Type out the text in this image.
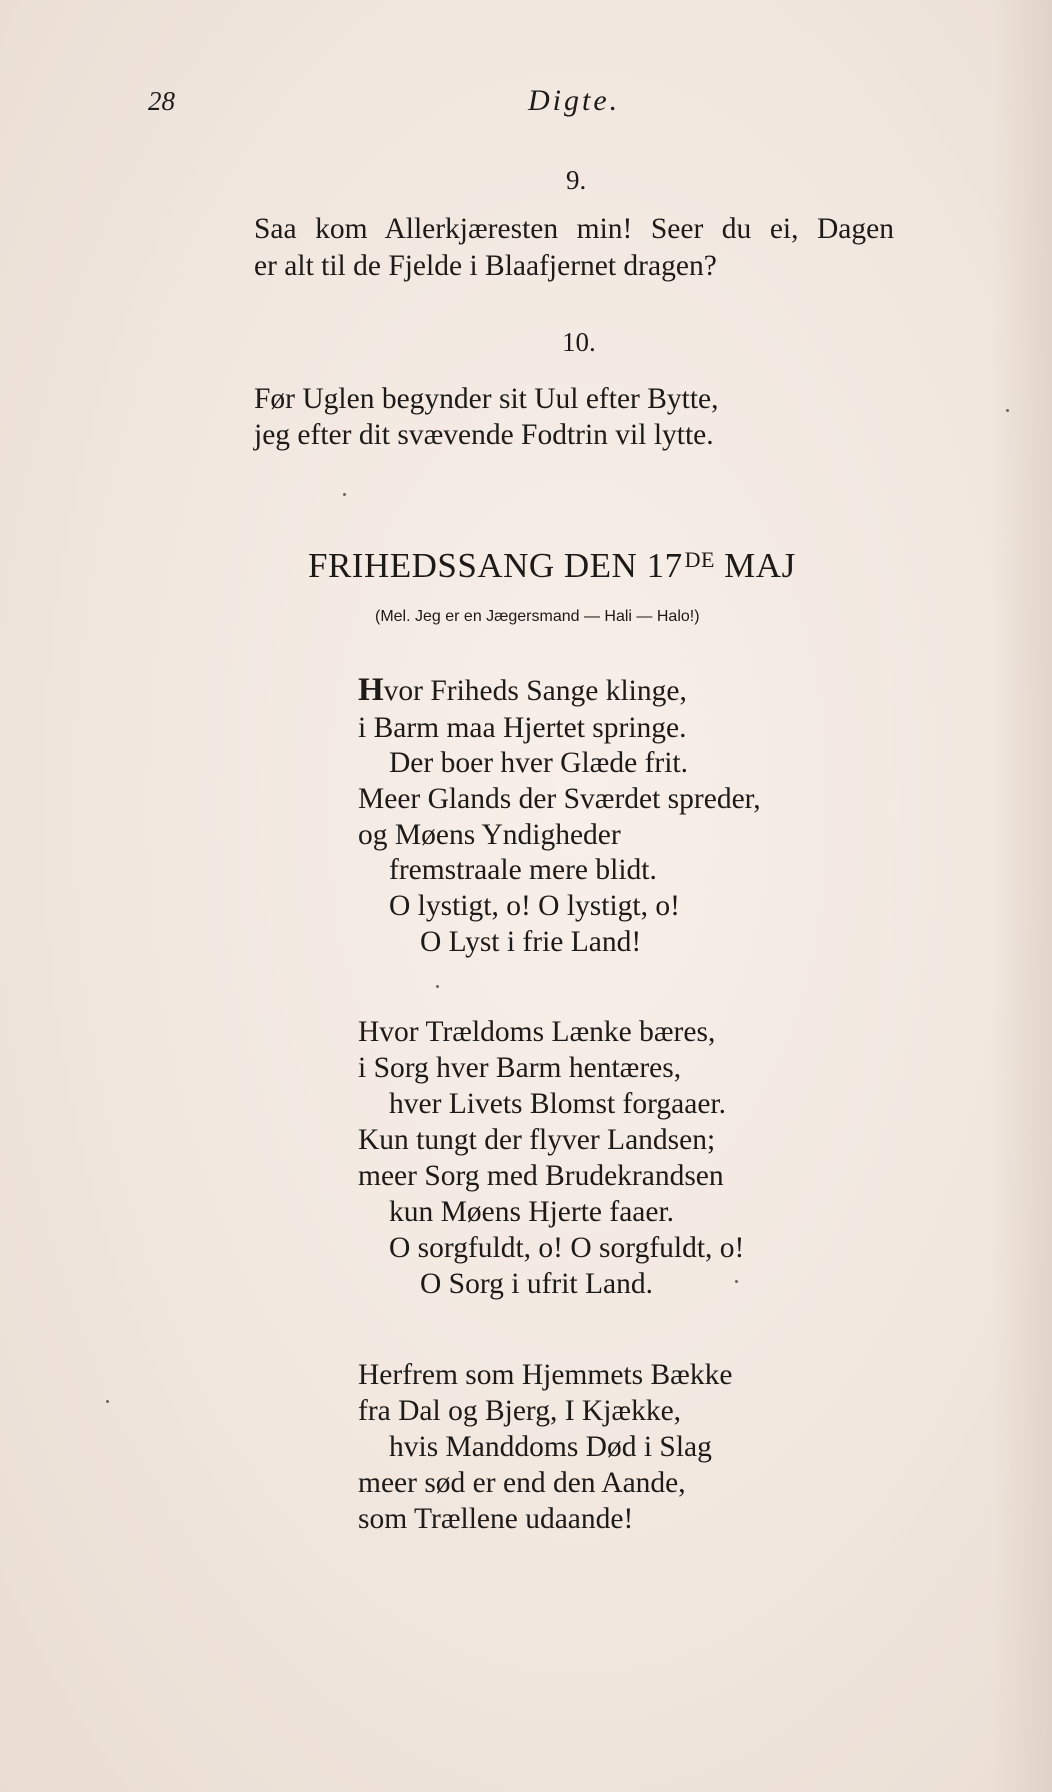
28	Digte.
9.
Saa kom Allerkjæresten min! Seer du ei, Dagen
er alt til de Fjelde i Blaafjernet dragen?
10.
Før Uglen begynder sit Uul efter Bytte,
jeg efter dit svævende Fodtrin vil lytte.
FRIHEDSSANG DEN 17DE MAJ
(Mel. Jeg er en Jægersmand — Hali — Halo!)
Hvor Friheds Sange klinge,
i Barm maa Hjertet springe.
Der boer hver Glæde frit.
Meer Glands der Sværdet spreder,
og Møens Yndigheder
fremstraale mere blidt.
O lystigt, o! O lystigt, o!
O Lyst i frie Land!
Hvor Trældoms Lænke bæres,
i Sorg hver Barm hentæres,
hver Livets Blomst forgaaer.
Kun tungt der flyver Landsen;
meer Sorg med Brudekrandsen
kun Møens Hjerte faaer.
O sorgfuldt, o! O sorgfuldt, o!
O Sorg i ufrit Land.
Herfrem som Hjemmets Bække
fra Dal og Bjerg, I Kjække,
hvis Manddoms Død i Slag
meer sød er end den Aande,
som Trællene udaande!
